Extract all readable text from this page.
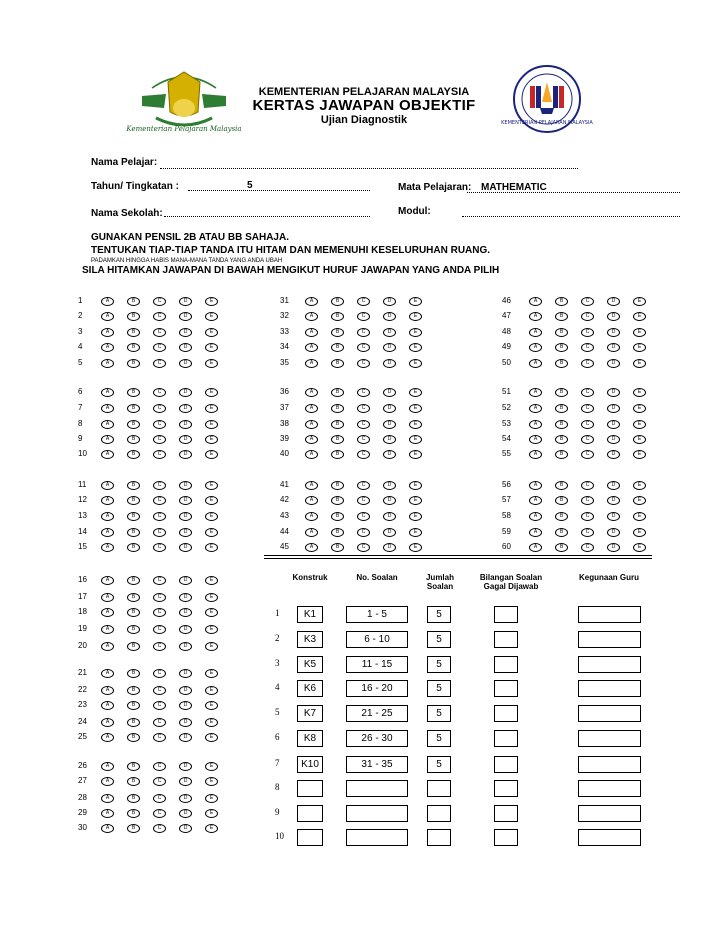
Kementerian Pelajaran Malaysia
KEMENTERIAN PELAJARAN MALAYSIA
KEMENTERIAN PELAJARAN MALAYSIA
KERTAS JAWAPAN OBJEKTIF
Ujian Diagnostik
Nama Pelajar:
Tahun/ Tingkatan :	5	Mata Pelajaran: MATHEMATIC
Nama Sekolah:	Modul:
GUNAKAN PENSIL 2B ATAU BB SAHAJA.
TENTUKAN TIAP-TIAP TANDA ITU HITAM DAN MEMENUHI KESELURUHAN RUANG.
PADAMKAN HINGGA HABIS MANA-MANA TANDA YANG ANDA UBAH
SILA HITAMKAN JAWAPAN DI BAWAH MENGIKUT HURUF JAWAPAN YANG ANDA PILIH
1	A	B	C	D	E
2	A	B	C	D	E
3	A	B	C	D	E
4	A	B	C	D	E
5	A	B	C	D	E
6	A	B	C	D	E
7	A	B	C	D	E
8	A	B	C	D	E
9	A	B	C	D	E
10	A	B	C	D	E
11	A	B	C	D	E
12	A	B	C	D	E
13	A	B	C	D	E
14	A	B	C	D	E
15	A	B	C	D	E
31	A	B	C	D	E
32	A	B	C	D	E
33	A	B	C	D	E
34	A	B	C	D	E
35	A	B	C	D	E
36	A	B	C	D	E
37	A	B	C	D	E
38	A	B	C	D	E
39	A	B	C	D	E
40	A	B	C	D	E
41	A	B	C	D	E
42	A	B	C	D	E
43	A	B	C	D	E
44	A	B	C	D	E
45	A	B	C	D	E
46	A	B	C	D	E
47	A	B	C	D	E
48	A	B	C	D	E
49	A	B	C	D	E
50	A	B	C	D	E
51	A	B	C	D	E
52	A	B	C	D	E
53	A	B	C	D	E
54	A	B	C	D	E
55	A	B	C	D	E
56	A	B	C	D	E
57	A	B	C	D	E
58	A	B	C	D	E
59	A	B	C	D	E
60	A	B	C	D	E
16	A	B	C	D	E
17	A	B	C	D	E
18	A	B	C	D	E
19	A	B	C	D	E
20	A	B	C	D	E
21	A	B	C	D	E
22	A	B	C	D	E
23	A	B	C	D	E
24	A	B	C	D	E
25	A	B	C	D	E
26	A	B	C	D	E
27	A	B	C	D	E
28	A	B	C	D	E
29	A	B	C	D	E
30	A	B	C	D	E
Konstruk	No. Soalan	Jumlah Soalan
Bilangan Soalan Gagal Dijawab
Kegunaan Guru
1	K1	1 - 5	5
2	K3	6 - 10	5
3	K5	11 - 15	5
4	K6	16 - 20	5
5	K7	21 - 25	5
6	K8	26 - 30	5
7	K10	31 - 35	5
8
9
10
